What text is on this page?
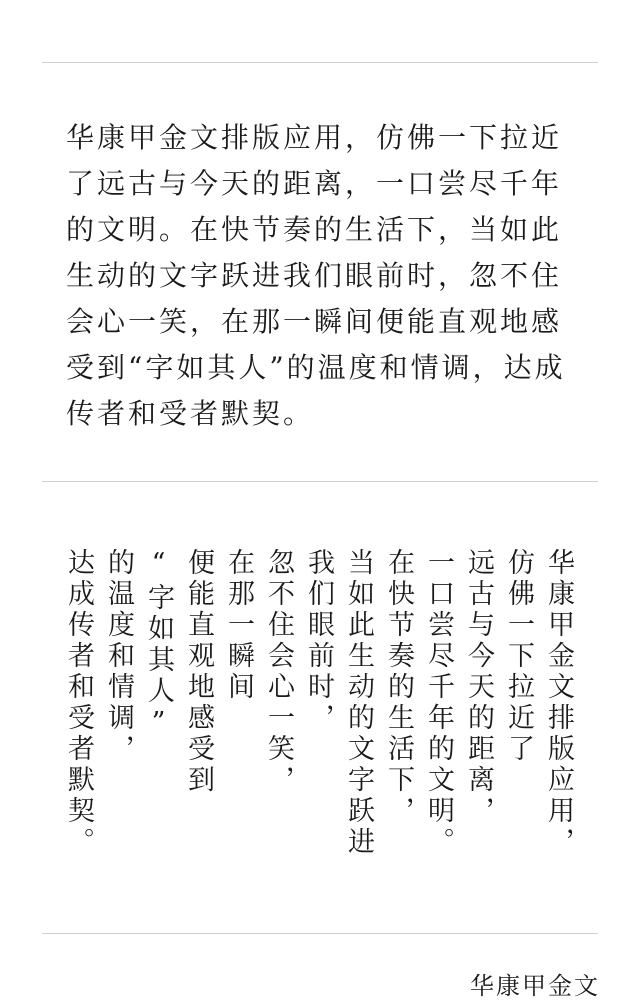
华康甲金文排版应用，仿佛一下拉近了远古与今天的距离，一口尝尽千年的文明。在快节奏的生活下，当如此生动的文字跃进我们眼前时，忽不住会心一笑，在那一瞬间便能直观地感受到“字如其人”的温度和情调，达成传者和受者默契。
华康甲金文排版应用，
仿佛一下拉近了
远古与今天的距离，
一口尝尽千年的文明。
在快节奏的生活下，
当如此生动的文字跃进
我们眼前时，
忽不住会心一笑，
在那一瞬间
便能直观地感受到
“字如其人”
的温度和情调，
达成传者和受者默契。
华康甲金文
